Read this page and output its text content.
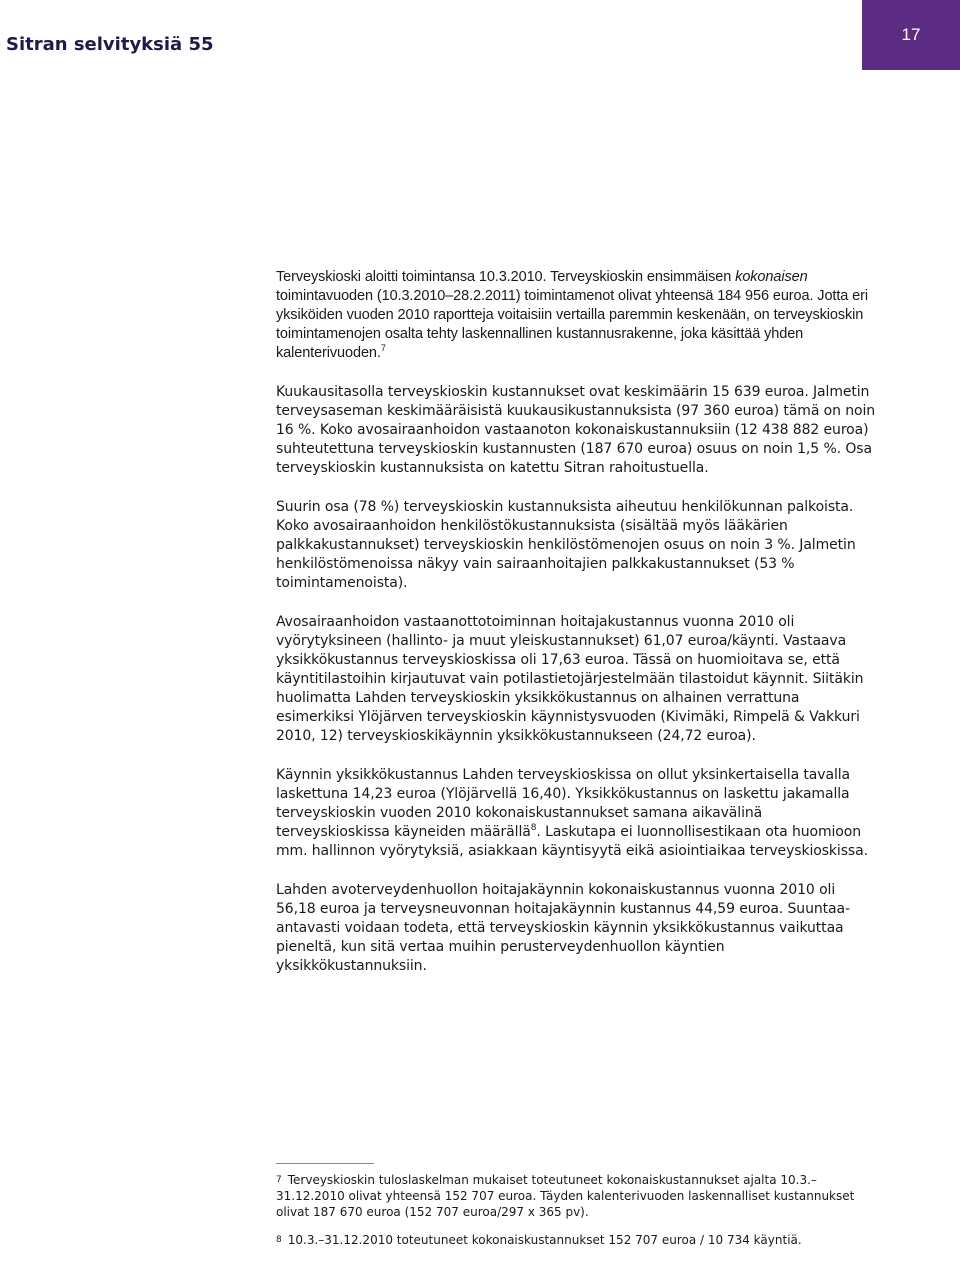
Sitran selvityksiä 55	17

Terveyskioski aloitti toimintansa 10.3.2010. Terveyskioskin ensimmäisen kokonaisen toimintavuoden (10.3.2010–28.2.2011) toimintamenot olivat yhteensä 184 956 euroa. Jotta eri yksiköiden vuoden 2010 raportteja voitaisiin vertailla paremmin keskenään, on terveyskioskin toimintamenojen osalta tehty laskennallinen kustannusrakenne, joka käsittää yhden kalenterivuoden.$^7$

Kuukausitasolla terveyskioskin kustannukset ovat keskimäärin 15 639 euroa. Jalmetin terveysaseman keskimääräisistä kuukausikustannuksista (97 360 euroa) tämä on noin 16 %. Koko avosairaanhoidon vastaanoton kokonaiskustannuksiin (12 438 882 euroa) suhteutettuna terveyskioskin kustannusten (187 670 euroa) osuus on noin 1,5 %. Osa terveyskioskin kustannuksista on katettu Sitran rahoitustuella.

Suurin osa (78 %) terveyskioskin kustannuksista aiheutuu henkilökunnan palkoista. Koko avosairaanhoidon henkilöstökustannuksista (sisältää myös lääkärien palkkakustannukset) terveyskioskin henkilöstömenojen osuus on noin 3 %. Jalmetin henkilöstömenoissa näkyy vain sairaanhoitajien palkkakustannukset (53 % toimintamenoista).

Avosairaanhoidon vastaanottotoiminnan hoitajakustannus vuonna 2010 oli vyörytyksineen (hallinto- ja muut yleiskustannukset) 61,07 euroa/käynti. Vastaava yksikkökustannus terveyskioskissa oli 17,63 euroa. Tässä on huomioitava se, että käyntitilastoihin kirjautuvat vain potilastietojärjestelmään tilastoidut käynnit. Siitäkin huolimatta Lahden terveyskioskin yksikkökustannus on alhainen verrattuna esimerkiksi Ylöjärven terveyskioskin käynnistysvuoden (Kivimäki, Rimpelä & Vakkuri 2010, 12) terveyskioskikäynnin yksikkökustannukseen (24,72 euroa).

Käynnin yksikkökustannus Lahden terveyskioskissa on ollut yksinkertaisella tavalla laskettuna 14,23 euroa (Ylöjärvellä 16,40). Yksikkökustannus on laskettu jakamalla terveyskioskin vuoden 2010 kokonaiskustannukset samana aikavälinä terveyskioskissa käyneiden määrällä$^8$. Laskutapa ei luonnollisestikaan ota huomioon mm. hallinnon vyörytyksiä, asiakkaan käyntisyytä eikä asiointiaikaa terveyskioskissa.

Lahden avoterveydenhuollon hoitajakäynnin kokonaiskustannus vuonna 2010 oli 56,18 euroa ja terveysneuvonnan hoitajakäynnin kustannus 44,59 euroa. Suuntaa-antavasti voidaan todeta, että terveyskioskin käynnin yksikkökustannus vaikuttaa pieneltä, kun sitä vertaa muihin perusterveydenhuollon käyntien yksikkökustannuksiin.

7 Terveyskioskin tuloslaskelman mukaiset toteutuneet kokonaiskustannukset ajalta 10.3.–31.12.2010 olivat yhteensä 152 707 euroa. Täyden kalenterivuoden laskennalliset kustannukset olivat 187 670 euroa (152 707 euroa/297 x 365 pv).

8 10.3.–31.12.2010 toteutuneet kokonaiskustannukset 152 707 euroa / 10 734 käyntiä.
